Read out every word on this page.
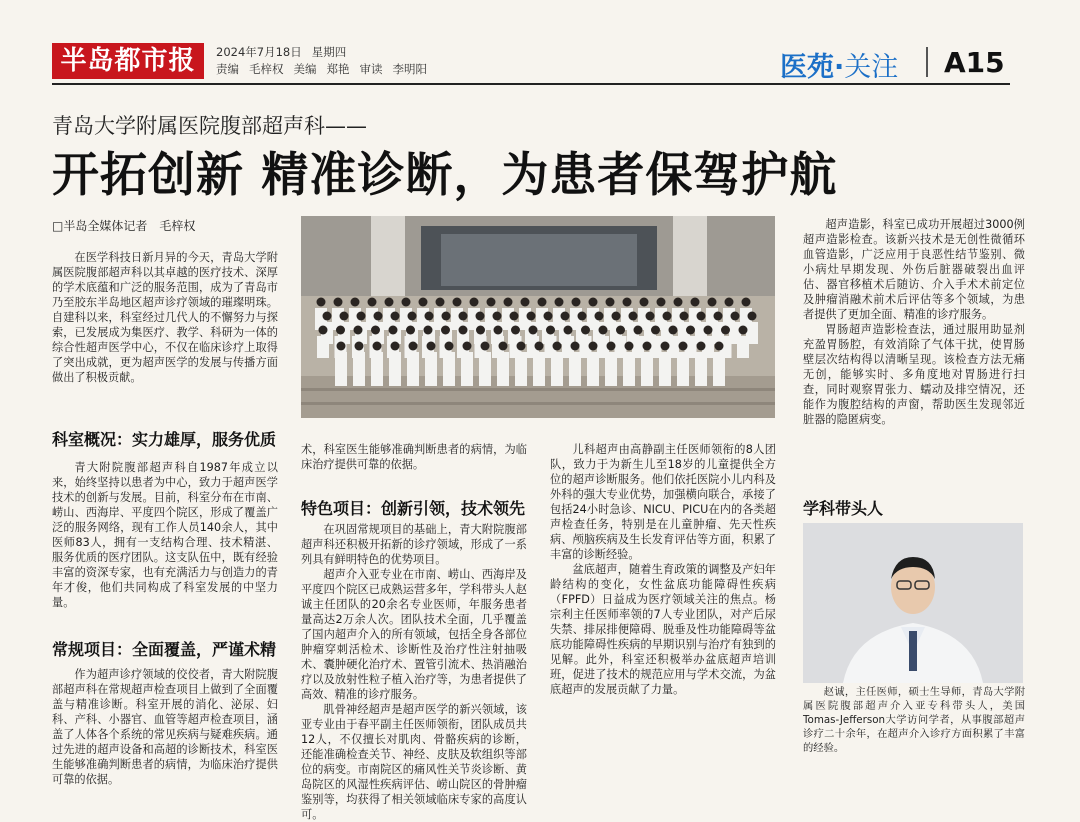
半岛都市报	2024年7月18日 星期四
责编 毛梓权 美编 郑艳 审读 李明阳	医苑·关注 A15
青岛大学附属医院腹部超声科——
开拓创新 精准诊断，为患者保驾护航
□半岛全媒体记者　毛梓权

在医学科技日新月异的今天，青岛大学附属医院腹部超声科以其卓越的医疗技术、深厚的学术底蕴和广泛的服务范围，成为了青岛市乃至胶东半岛地区超声诊疗领域的璀璨明珠。自建科以来，科室经过几代人的不懈努力与探索，已发展成为集医疗、教学、科研为一体的综合性超声医学中心，不仅在临床诊疗上取得了突出成就，更为超声医学的发展与传播方面做出了积极贡献。

科室概况：实力雄厚，服务优质

青大附院腹部超声科自1987年成立以来，始终坚持以患者为中心，致力于超声医学技术的创新与发展。目前，科室分布在市南、崂山、西海岸、平度四个院区，形成了覆盖广泛的服务网络，现有工作人员140余人，其中医师83人，拥有一支结构合理、技术精湛、服务优质的医疗团队。这支队伍中，既有经验丰富的资深专家，也有充满活力与创造力的青年才俊，他们共同构成了科室发展的中坚力量。

常规项目：全面覆盖，严谨术精

作为超声诊疗领域的佼佼者，青大附院腹部超声科在常规超声检查项目上做到了全面覆盖与精准诊断。科室开展的消化、泌尿、妇科、产科、小器官、血管等超声检查项目，涵盖了人体各个系统的常见疾病与疑难疾病。通过先进的超声设备和高超的诊断技术，科室医生能够准确判断患者的病情，为临床治疗提供可靠的依据。

术，科室医生能够准确判断患者的病情，为临床治疗提供可靠的依据。

特色项目：创新引领，技术领先

在巩固常规项目的基础上，青大附院腹部超声科还积极开拓新的诊疗领域，形成了一系列具有鲜明特色的优势项目。

超声介入亚专业在市南、崂山、西海岸及平度四个院区已成熟运营多年，学科带头人赵诚主任团队的20余名专业医师，年服务患者量高达2万余人次。团队技术全面，几乎覆盖了国内超声介入的所有领域，包括全身各部位肿瘤穿刺活检术、诊断性及治疗性注射抽吸术、囊肿硬化治疗术、置管引流术、热消融治疗以及放射性粒子植入治疗等，为患者提供了高效、精准的诊疗服务。

肌骨神经超声是超声医学的新兴领域，该亚专业由于春平副主任医师领衔，团队成员共12人，不仅擅长对肌肉、骨骼疾病的诊断，还能准确检查关节、神经、皮肤及软组织等部位的病变。市南院区的痛风性关节炎诊断、黄岛院区的风湿性疾病评估、崂山院区的骨肿瘤鉴别等，均获得了相关领域临床专家的高度认可。

儿科超声由高静副主任医师领衔的8人团队，致力于为新生儿至18岁的儿童提供全方位的超声诊断服务。他们依托医院小儿内科及外科的强大专业优势，加强横向联合，承接了包括24小时急诊、NICU、PICU在内的各类超声检查任务，特别是在儿童肿瘤、先天性疾病、颅脑疾病及生长发育评估等方面，积累了丰富的诊断经验。

盆底超声，随着生育政策的调整及产妇年龄结构的变化，女性盆底功能障碍性疾病（FPFD）日益成为医疗领域关注的焦点。杨宗利主任医师率领的7人专业团队，对产后尿失禁、排尿排便障碍、脱垂及性功能障碍等盆底功能障碍性疾病的早期识别与治疗有独到的见解。此外，科室还积极举办盆底超声培训班，促进了技术的规范应用与学术交流，为盆底超声的发展贡献了力量。

超声造影，科室已成功开展超过3000例超声造影检查。该新兴技术是无创性微循环血管造影，广泛应用于良恶性结节鉴别、微小病灶早期发现、外伤后脏器破裂出血评估、器官移植术后随访、介入手术术前定位及肿瘤消融术前术后评估等多个领域，为患者提供了更加全面、精准的诊疗服务。

胃肠超声造影检查法，通过服用助显剂充盈胃肠腔，有效消除了气体干扰，使胃肠壁层次结构得以清晰呈现。该检查方法无痛无创，能够实时、多角度地对胃肠进行扫查，同时观察胃张力、蠕动及排空情况，还能作为腹腔结构的声窗，帮助医生发现邻近脏器的隐匿病变。

学科带头人

赵诚，主任医师，硕士生导师，青岛大学附属医院腹部超声介入亚专科带头人，美国Tomas-Jefferson大学访问学者，从事腹部超声诊疗二十余年，在超声介入诊疗方面积累了丰富的经验。
